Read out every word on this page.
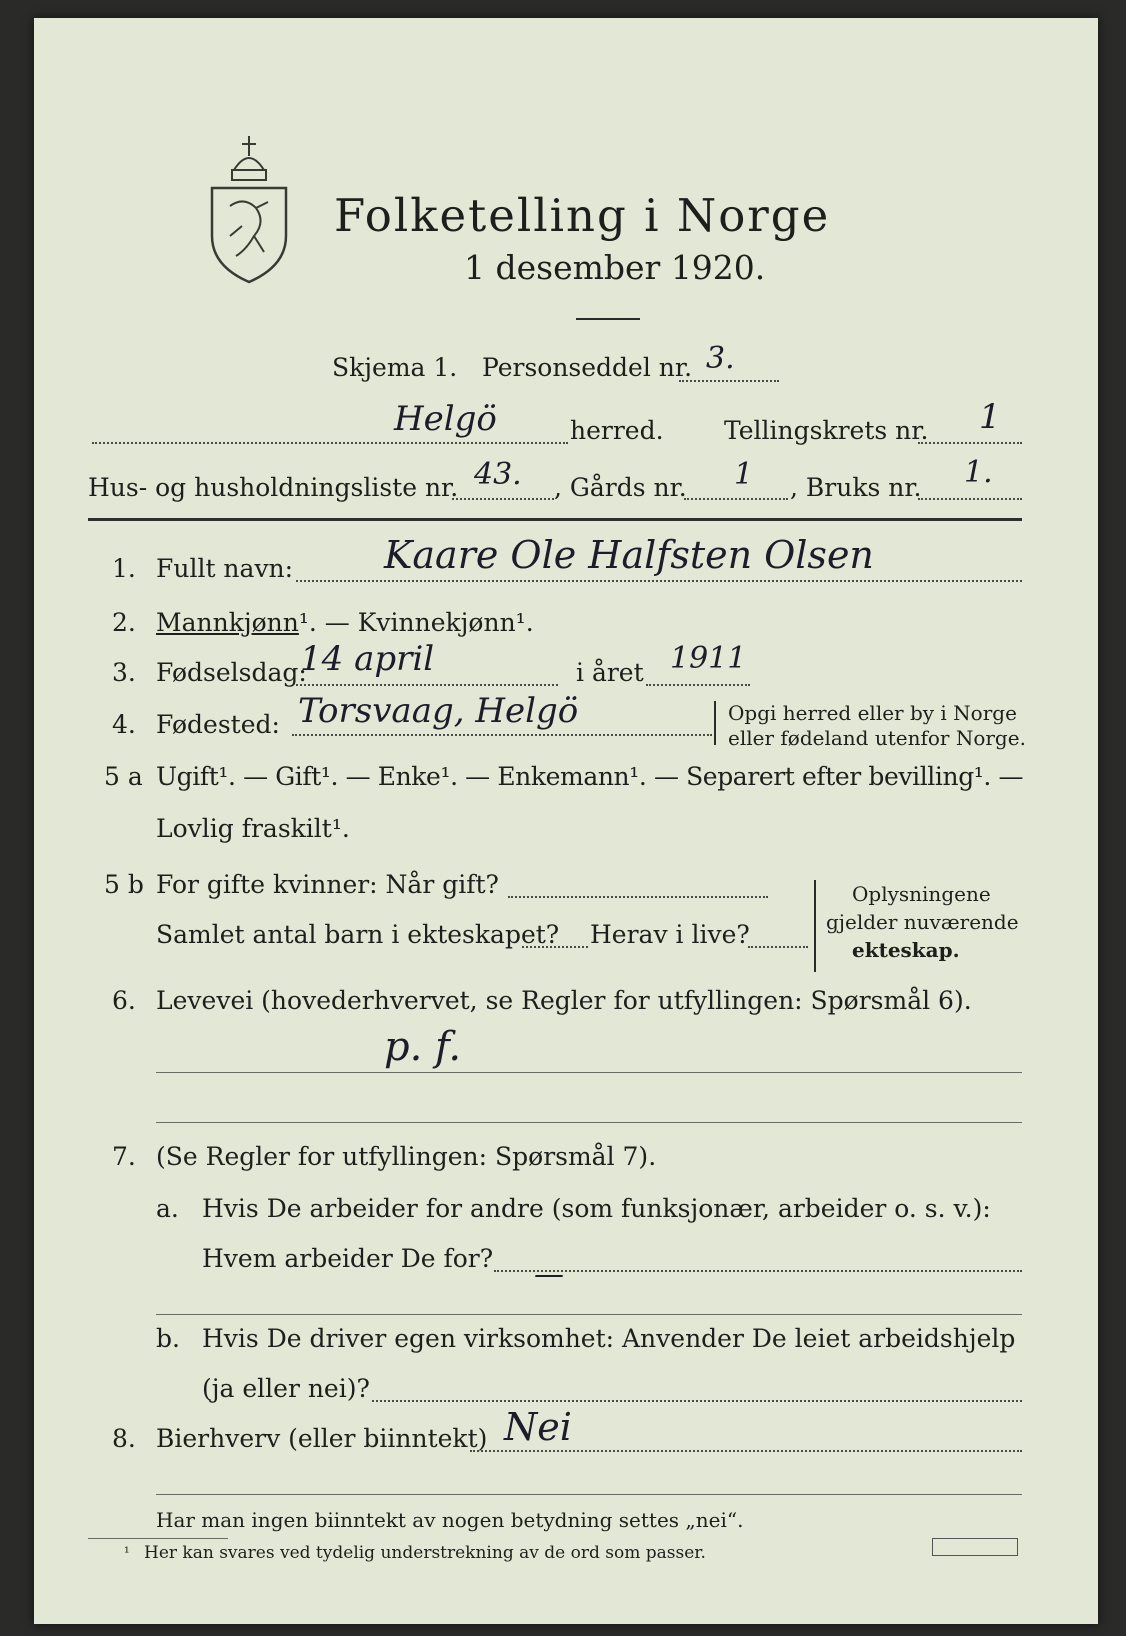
Folketelling i Norge
1 desember 1920.
Skjema 1. Personseddel nr. 3.
Helgö	herred. Tellingskrets nr. 1
Hus- og husholdningsliste nr. 43. , Gårds nr. 1 , Bruks nr. 1.
1. Fullt navn: Kaare Ole Halfsten Olsen
2. Mannkjønn¹. — Kvinnekjønn¹.
3. Fødselsdag:
14 april	i året 1911
4. Fødested: Torsvaag, Helgö	Opgi herred eller by i Norge
eller fødeland utenfor Norge.
5 a Ugift¹. — Gift¹. — Enke¹. — Enkemann¹. — Separert efter bevilling¹. —
Lovlig fraskilt¹.
5 b For gifte kvinner: Når gift?
Samlet antal barn i ekteskapet? Herav i live?
Oplysningene
gjelder nuværende
ekteskap.
6. Levevei (hovederhvervet, se Regler for utfyllingen: Spørsmål 6).
p. f.
7. (Se Regler for utfyllingen: Spørsmål 7).
a. Hvis De arbeider for andre (som funksjonær, arbeider o. s. v.):
Hvem arbeider De for? —
b. Hvis De driver egen virksomhet: Anvender De leiet arbeidshjelp
(ja eller nei)?
8. Bierhverv (eller biinntekt) Nei
Har man ingen biinntekt av nogen betydning settes „nei“.
¹ Her kan svares ved tydelig understrekning av de ord som passer.
